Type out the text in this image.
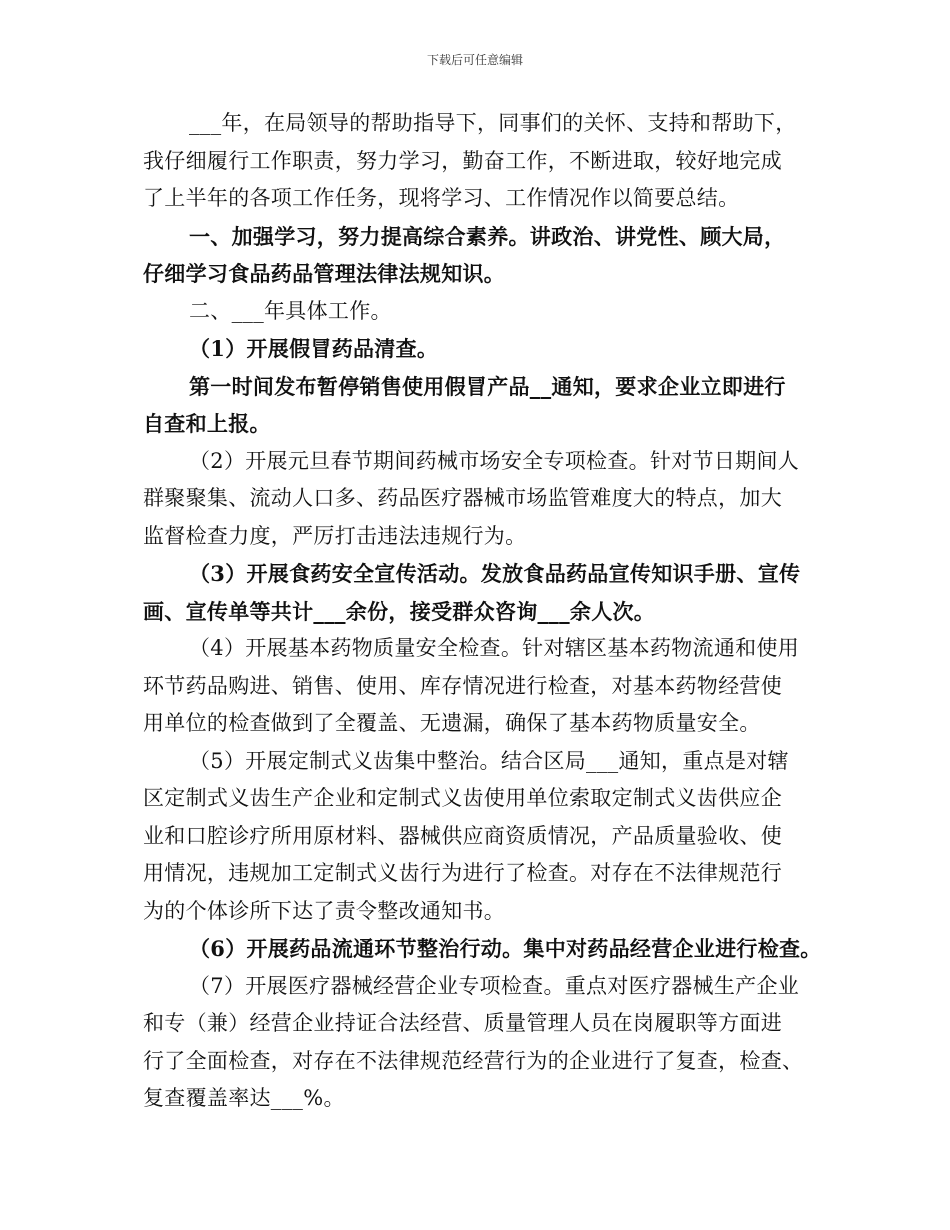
下载后可任意编辑
___年，在局领导的帮助指导下，同事们的关怀、支持和帮助下，
我仔细履行工作职责，努力学习，勤奋工作，不断进取，较好地完成
了上半年的各项工作任务，现将学习、工作情况作以简要总结。
一、加强学习，努力提高综合素养。讲政治、讲党性、顾大局，
仔细学习食品药品管理法律法规知识。
二、___年具体工作。
（1）开展假冒药品清查。
第一时间发布暂停销售使用假冒产品__通知，要求企业立即进行
自查和上报。
（2）开展元旦春节期间药械市场安全专项检查。针对节日期间人
群聚聚集、流动人口多、药品医疗器械市场监管难度大的特点，加大
监督检查力度，严厉打击违法违规行为。
（3）开展食药安全宣传活动。发放食品药品宣传知识手册、宣传
画、宣传单等共计___余份，接受群众咨询___余人次。
（4）开展基本药物质量安全检查。针对辖区基本药物流通和使用
环节药品购进、销售、使用、库存情况进行检查，对基本药物经营使
用单位的检查做到了全覆盖、无遗漏，确保了基本药物质量安全。
（5）开展定制式义齿集中整治。结合区局___通知，重点是对辖
区定制式义齿生产企业和定制式义齿使用单位索取定制式义齿供应企
业和口腔诊疗所用原材料、器械供应商资质情况，产品质量验收、使
用情况，违规加工定制式义齿行为进行了检查。对存在不法律规范行
为的个体诊所下达了责令整改通知书。
（6）开展药品流通环节整治行动。集中对药品经营企业进行检查。
（7）开展医疗器械经营企业专项检查。重点对医疗器械生产企业
和专（兼）经营企业持证合法经营、质量管理人员在岗履职等方面进
行了全面检查，对存在不法律规范经营行为的企业进行了复查，检查、
复查覆盖率达___%。
